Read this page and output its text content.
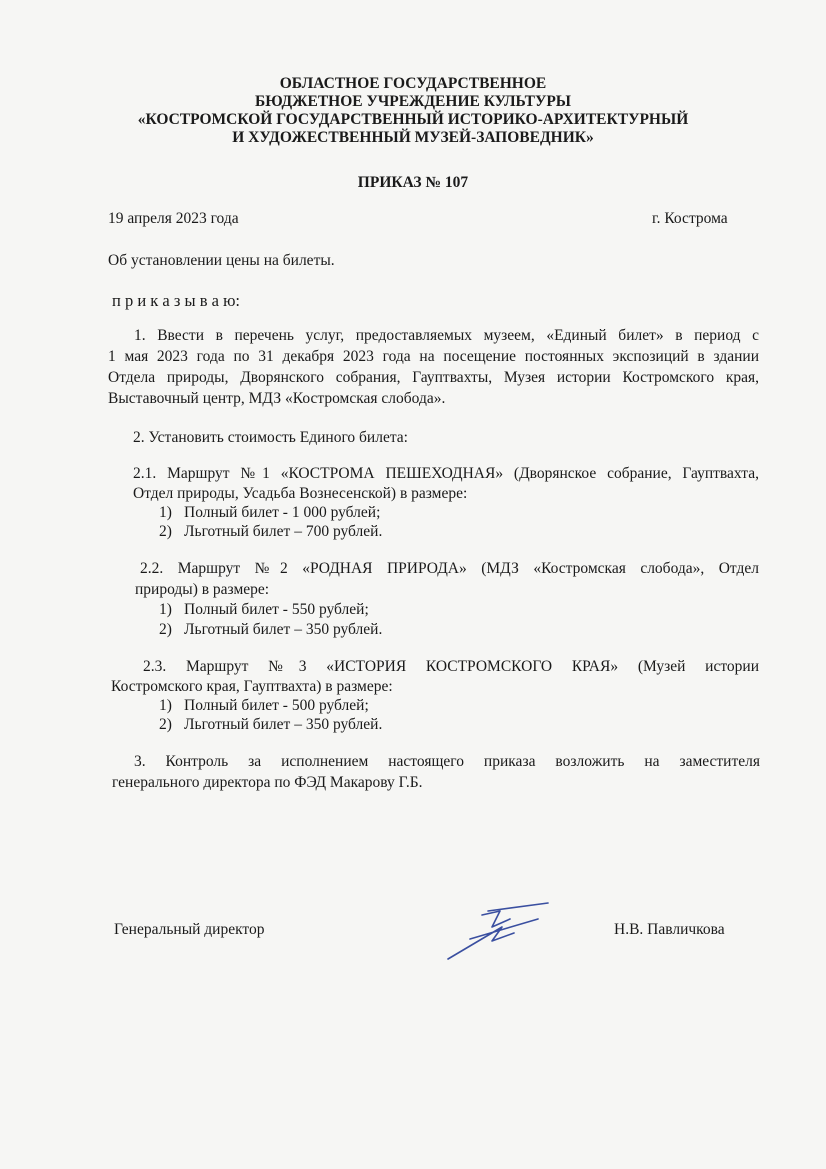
ОБЛАСТНОЕ ГОСУДАРСТВЕННОЕ
БЮДЖЕТНОЕ УЧРЕЖДЕНИЕ КУЛЬТУРЫ
«КОСТРОМСКОЙ ГОСУДАРСТВЕННЫЙ ИСТОРИКО-АРХИТЕКТУРНЫЙ
И ХУДОЖЕСТВЕННЫЙ МУЗЕЙ-ЗАПОВЕДНИК»
ПРИКАЗ № 107
19 апреля 2023 года	г. Кострома
Об установлении цены на билеты.
п р и к а з ы в а ю:
1. Ввести в перечень услуг, предоставляемых музеем, «Единый билет» в период с
1 мая 2023 года по 31 декабря 2023 года на посещение постоянных экспозиций в здании
Отдела природы, Дворянского собрания, Гауптвахты, Музея истории Костромского края,
Выставочный центр, МДЗ «Костромская слобода».
2. Установить стоимость Единого билета:
2.1. Маршрут №1 «КОСТРОМА ПЕШЕХОДНАЯ» (Дворянское собрание, Гауптвахта,
Отдел природы, Усадьба Вознесенской) в размере:
1) Полный билет - 1 000 рублей;
2) Льготный билет – 700 рублей.
2.2. Маршрут №2 «РОДНАЯ ПРИРОДА» (МДЗ «Костромская слобода», Отдел
природы) в размере:
1) Полный билет - 550 рублей;
2) Льготный билет – 350 рублей.
2.3. Маршрут №3 «ИСТОРИЯ КОСТРОМСКОГО КРАЯ» (Музей истории
Костромского края, Гауптвахта) в размере:
1) Полный билет - 500 рублей;
2) Льготный билет – 350 рублей.
3. Контроль за исполнением настоящего приказа возложить на заместителя
генерального директора по ФЭД Макарову Г.Б.
Генеральный директор	Н.В. Павличкова
